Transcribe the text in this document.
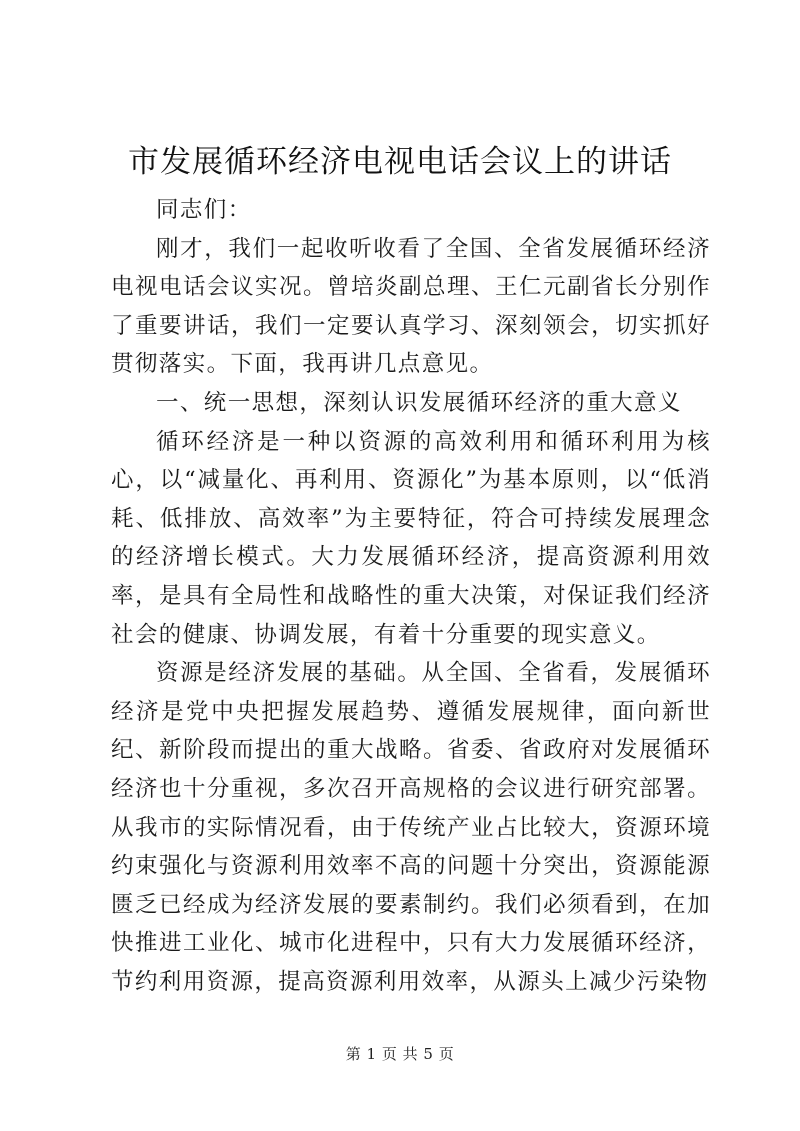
市发展循环经济电视电话会议上的讲话

同志们：

刚才，我们一起收听收看了全国、全省发展循环经济电视电话会议实况。曾培炎副总理、王仁元副省长分别作了重要讲话，我们一定要认真学习、深刻领会，切实抓好贯彻落实。下面，我再讲几点意见。

一、统一思想，深刻认识发展循环经济的重大意义

循环经济是一种以资源的高效利用和循环利用为核心，以“减量化、再利用、资源化”为基本原则，以“低消耗、低排放、高效率”为主要特征，符合可持续发展理念的经济增长模式。大力发展循环经济，提高资源利用效率，是具有全局性和战略性的重大决策，对保证我们经济社会的健康、协调发展，有着十分重要的现实意义。

资源是经济发展的基础。从全国、全省看，发展循环经济是党中央把握发展趋势、遵循发展规律，面向新世纪、新阶段而提出的重大战略。省委、省政府对发展循环经济也十分重视，多次召开高规格的会议进行研究部署。从我市的实际情况看，由于传统产业占比较大，资源环境约束强化与资源利用效率不高的问题十分突出，资源能源匮乏已经成为经济发展的要素制约。我们必须看到，在加快推进工业化、城市化进程中，只有大力发展循环经济，节约利用资源，提高资源利用效率，从源头上减少污染物

第 1 页 共 5 页
